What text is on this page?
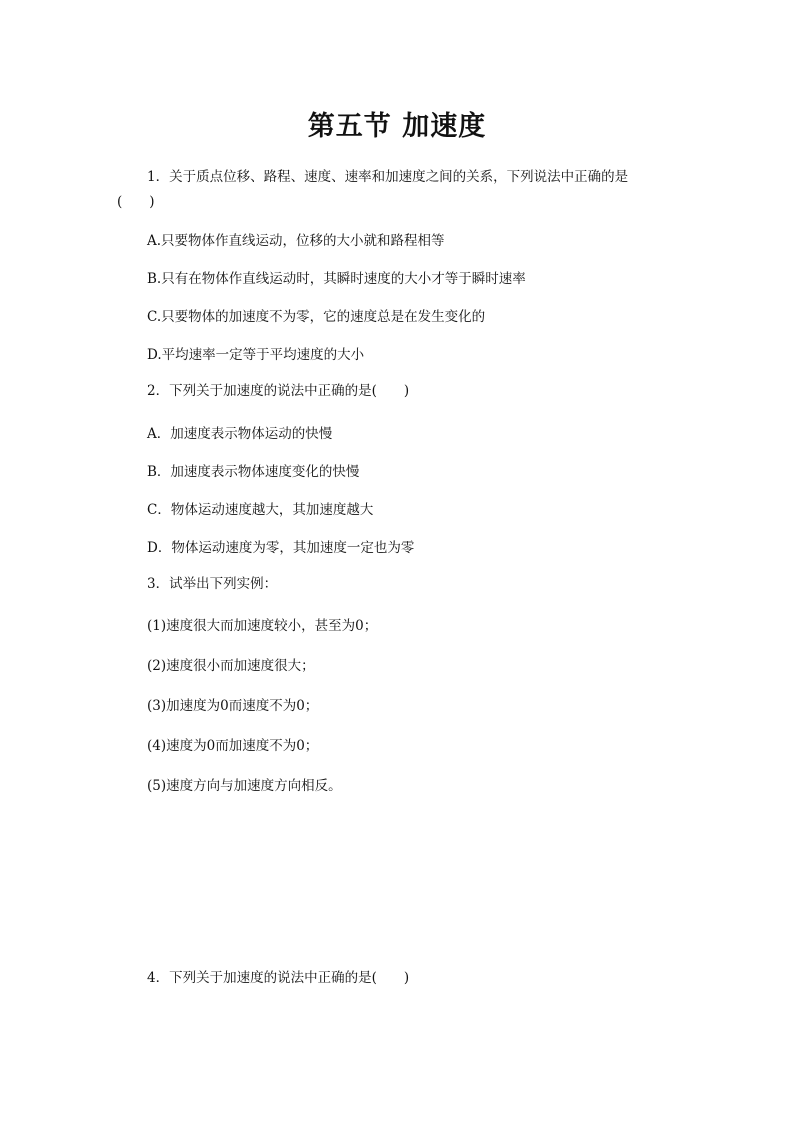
第五节 加速度
1．关于质点位移、路程、速度、速率和加速度之间的关系，下列说法中正确的是
(　　)
A.只要物体作直线运动，位移的大小就和路程相等
B.只有在物体作直线运动时，其瞬时速度的大小才等于瞬时速率
C.只要物体的加速度不为零，它的速度总是在发生变化的
D.平均速率一定等于平均速度的大小
2．下列关于加速度的说法中正确的是(　　)
A．加速度表示物体运动的快慢
B．加速度表示物体速度变化的快慢
C．物体运动速度越大，其加速度越大
D．物体运动速度为零，其加速度一定也为零
3．试举出下列实例：
(1)速度很大而加速度较小，甚至为0；
(2)速度很小而加速度很大；
(3)加速度为0而速度不为0；
(4)速度为0而加速度不为0；
(5)速度方向与加速度方向相反。
4．下列关于加速度的说法中正确的是(　　)
